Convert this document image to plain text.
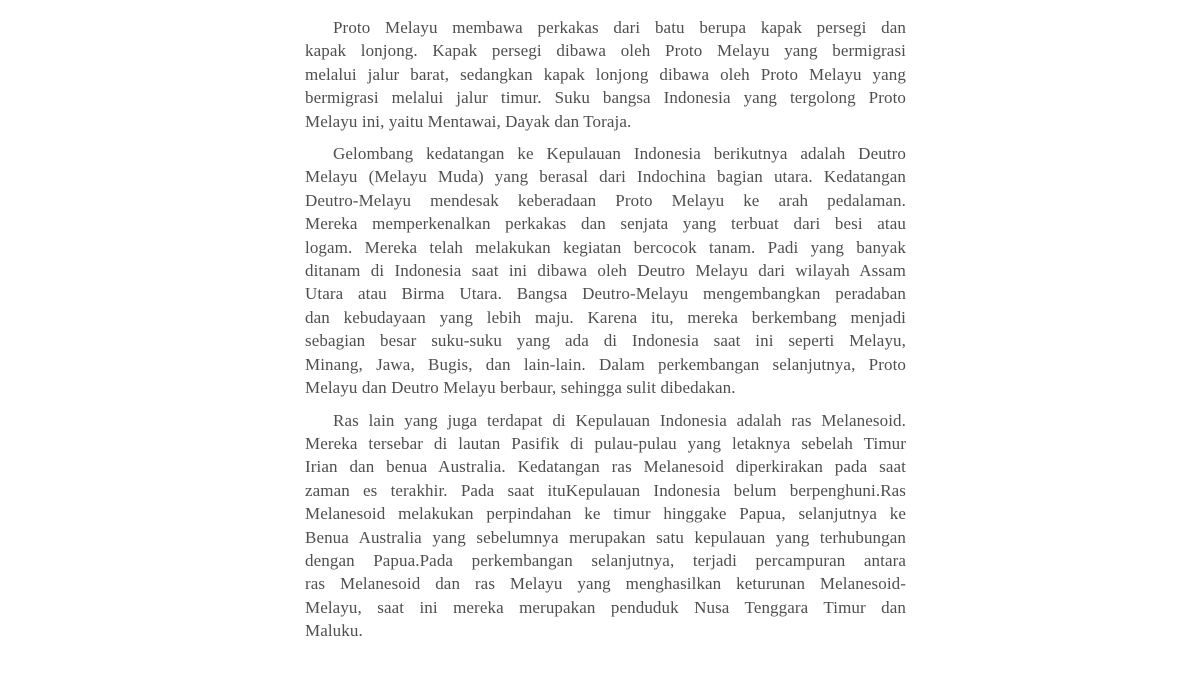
Proto Melayu membawa perkakas dari batu berupa kapak persegi dan
kapak lonjong. Kapak persegi dibawa oleh Proto Melayu yang bermigrasi
melalui jalur barat, sedangkan kapak lonjong dibawa oleh Proto Melayu yang
bermigrasi melalui jalur timur. Suku bangsa Indonesia yang tergolong Proto
Melayu ini, yaitu Mentawai, Dayak dan Toraja.
Gelombang kedatangan ke Kepulauan Indonesia berikutnya adalah Deutro
Melayu (Melayu Muda) yang berasal dari Indochina bagian utara. Kedatangan
Deutro-Melayu mendesak keberadaan Proto Melayu ke arah pedalaman.
Mereka memperkenalkan perkakas dan senjata yang terbuat dari besi atau
logam. Mereka telah melakukan kegiatan bercocok tanam. Padi yang banyak
ditanam di Indonesia saat ini dibawa oleh Deutro Melayu dari wilayah Assam
Utara atau Birma Utara. Bangsa Deutro-Melayu mengembangkan peradaban
dan kebudayaan yang lebih maju. Karena itu, mereka berkembang menjadi
sebagian besar suku-suku yang ada di Indonesia saat ini seperti Melayu,
Minang, Jawa, Bugis, dan lain-lain. Dalam perkembangan selanjutnya, Proto
Melayu dan Deutro Melayu berbaur, sehingga sulit dibedakan.
Ras lain yang juga terdapat di Kepulauan Indonesia adalah ras Melanesoid.
Mereka tersebar di lautan Pasifik di pulau-pulau yang letaknya sebelah Timur
Irian dan benua Australia. Kedatangan ras Melanesoid diperkirakan pada saat
zaman es terakhir. Pada saat ituKepulauan Indonesia belum berpenghuni.Ras
Melanesoid melakukan perpindahan ke timur hinggake Papua, selanjutnya ke
Benua Australia yang sebelumnya merupakan satu kepulauan yang terhubungan
dengan Papua.Pada perkembangan selanjutnya, terjadi percampuran antara
ras Melanesoid dan ras Melayu yang menghasilkan keturunan Melanesoid-
Melayu, saat ini mereka merupakan penduduk Nusa Tenggara Timur dan
Maluku.
